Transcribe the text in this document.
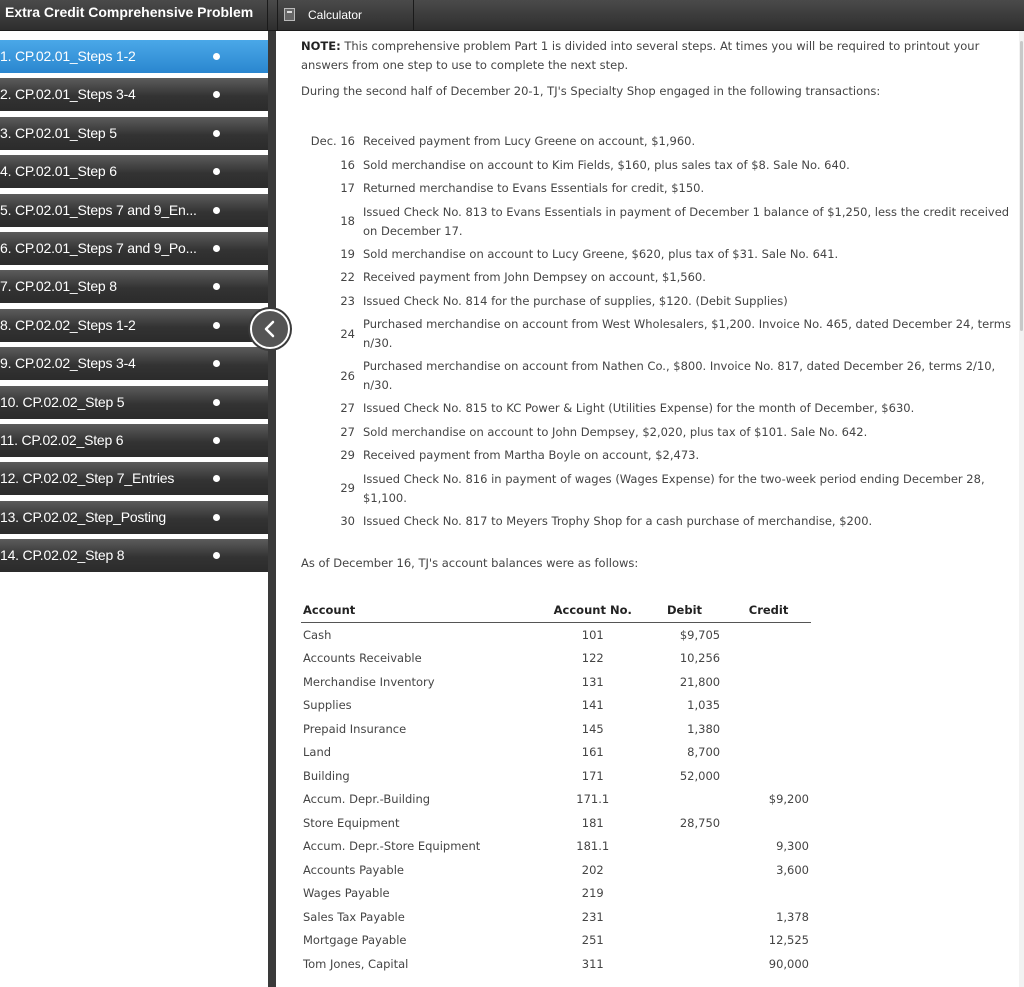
Extra Credit Comprehensive Problem	Calculator
1. CP.02.01_Steps 1-2
2. CP.02.01_Steps 3-4
3. CP.02.01_Step 5
4. CP.02.01_Step 6
5. CP.02.01_Steps 7 and 9_En...
6. CP.02.01_Steps 7 and 9_Po...
7. CP.02.01_Step 8
8. CP.02.02_Steps 1-2
9. CP.02.02_Steps 3-4
10. CP.02.02_Step 5
11. CP.02.02_Step 6
12. CP.02.02_Step 7_Entries
13. CP.02.02_Step_Posting
14. CP.02.02_Step 8
NOTE: This comprehensive problem Part 1 is divided into several steps. At times you will be required to printout your answers from one step to use to complete the next step.
During the second half of December 20-1, TJ's Specialty Shop engaged in the following transactions:
Dec. 16	Received payment from Lucy Greene on account, $1,960.
16	Sold merchandise on account to Kim Fields, $160, plus sales tax of $8. Sale No. 640.
17	Returned merchandise to Evans Essentials for credit, $150.
18	Issued Check No. 813 to Evans Essentials in payment of December 1 balance of $1,250, less the credit received on December 17.
19	Sold merchandise on account to Lucy Greene, $620, plus tax of $31. Sale No. 641.
22	Received payment from John Dempsey on account, $1,560.
23	Issued Check No. 814 for the purchase of supplies, $120. (Debit Supplies)
24	Purchased merchandise on account from West Wholesalers, $1,200. Invoice No. 465, dated December 24, terms n/30.
26	Purchased merchandise on account from Nathen Co., $800. Invoice No. 817, dated December 26, terms 2/10, n/30.
27	Issued Check No. 815 to KC Power & Light (Utilities Expense) for the month of December, $630.
27	Sold merchandise on account to John Dempsey, $2,020, plus tax of $101. Sale No. 642.
29	Received payment from Martha Boyle on account, $2,473.
29	Issued Check No. 816 in payment of wages (Wages Expense) for the two-week period ending December 28, $1,100.
30	Issued Check No. 817 to Meyers Trophy Shop for a cash purchase of merchandise, $200.
As of December 16, TJ's account balances were as follows:
Account	Account No.	Debit	Credit
Cash	101	$9,705	
Accounts Receivable	122	10,256	
Merchandise Inventory	131	21,800	
Supplies	141	1,035	
Prepaid Insurance	145	1,380	
Land	161	8,700	
Building	171	52,000	
Accum. Depr.-Building	171.1		$9,200
Store Equipment	181	28,750	
Accum. Depr.-Store Equipment	181.1		9,300
Accounts Payable	202		3,600
Wages Payable	219		
Sales Tax Payable	231		1,378
Mortgage Payable	251		12,525
Tom Jones, Capital	311		90,000
